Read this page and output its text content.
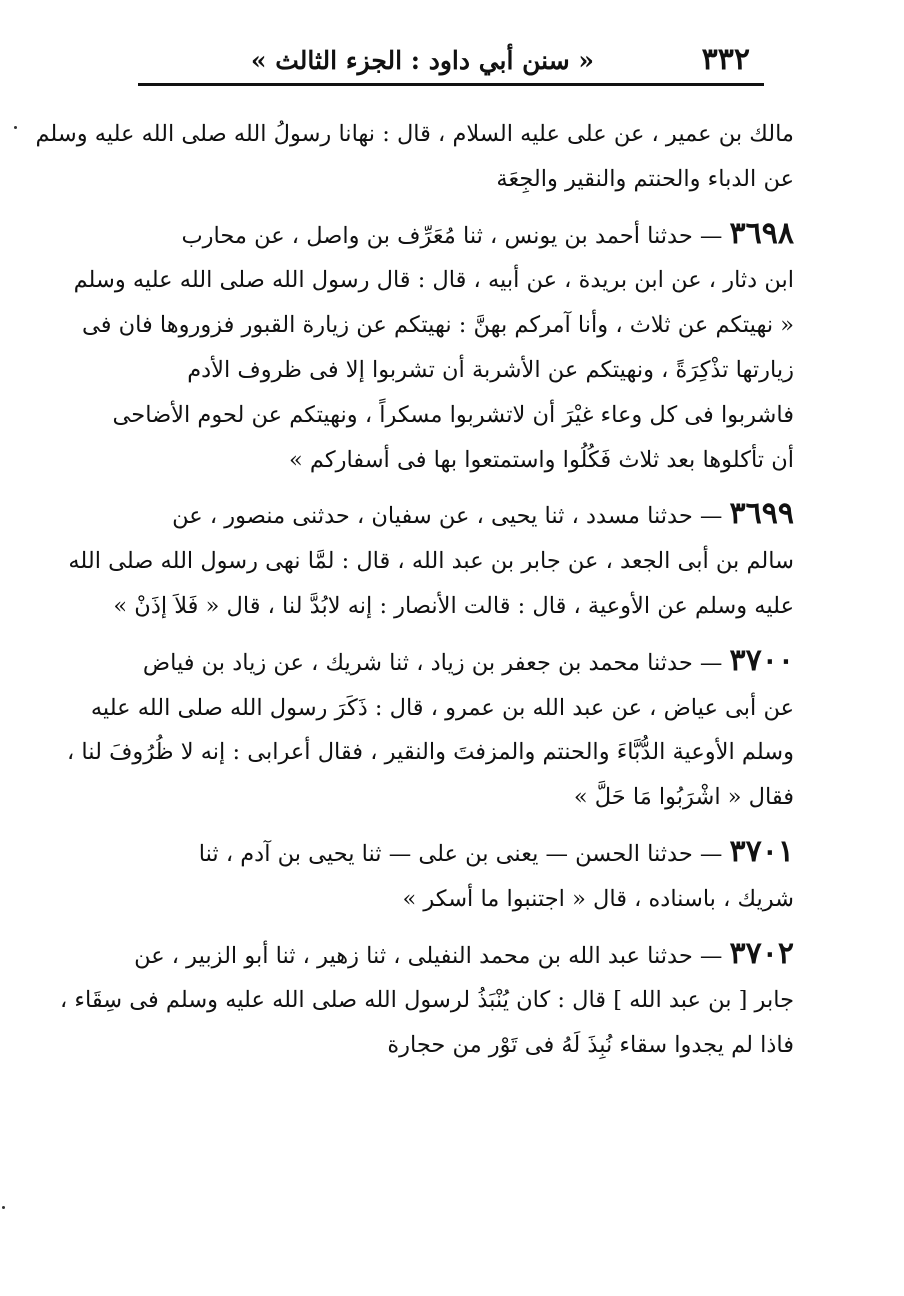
٣٣٢
« سنن أبي داود : الجزء الثالث »

مالك بن عمير ، عن على عليه السلام ، قال : نهانا رسولُ الله صلى الله عليه وسلم
عن الدباء والحنتم والنقير والجِعَة

٣٦٩٨ — حدثنا أحمد بن يونس ، ثنا مُعَرِّف بن واصل ، عن محارب
ابن دثار ، عن ابن بريدة ، عن أبيه ، قال : قال رسول الله صلى الله عليه وسلم
« نهيتكم عن ثلاث ، وأنا آمركم بهنَّ : نهيتكم عن زيارة القبور فزوروها فان فى
زيارتها تذْكِرَةً ، ونهيتكم عن الأشربة أن تشربوا إلا فى ظروف الأدم
فاشربوا فى كل وعاء غيْرَ أن لاتشربوا مسكراً ، ونهيتكم عن لحوم الأضاحى
أن تأكلوها بعد ثلاث فَكُلُوا واستمتعوا بها فى أسفاركم »

٣٦٩٩ — حدثنا مسدد ، ثنا يحيى ، عن سفيان ، حدثنى منصور ، عن
سالم بن أبى الجعد ، عن جابر بن عبد الله ، قال : لمَّا نهى رسول الله صلى الله
عليه وسلم عن الأوعية ، قال : قالت الأنصار : إنه لابُدَّ لنا ، قال « فَلاَ إذَنْ »

٣٧٠٠ — حدثنا محمد بن جعفر بن زياد ، ثنا شريك ، عن زياد بن فياض
عن أبى عياض ، عن عبد الله بن عمرو ، قال : ذَكَرَ رسول الله صلى الله عليه
وسلم الأوعية الدُّبَّاءَ والحنتم والمزفتَ والنقير ، فقال أعرابى : إنه لا ظُرُوفَ لنا ،
فقال « اشْرَبُوا مَا حَلَّ »

٣٧٠١ — حدثنا الحسن — يعنى بن على — ثنا يحيى بن آدم ، ثنا
شريك ، باسناده ، قال « اجتنبوا ما أسكر »

٣٧٠٢ — حدثنا عبد الله بن محمد النفيلى ، ثنا زهير ، ثنا أبو الزبير ، عن
جابر [ بن عبد الله ] قال : كان يُنْبَذُ لرسول الله صلى الله عليه وسلم فى سِقَاء ،
فاذا لم يجدوا سقاء نُبِذَ لَهُ فى تَوْر من حجارة
